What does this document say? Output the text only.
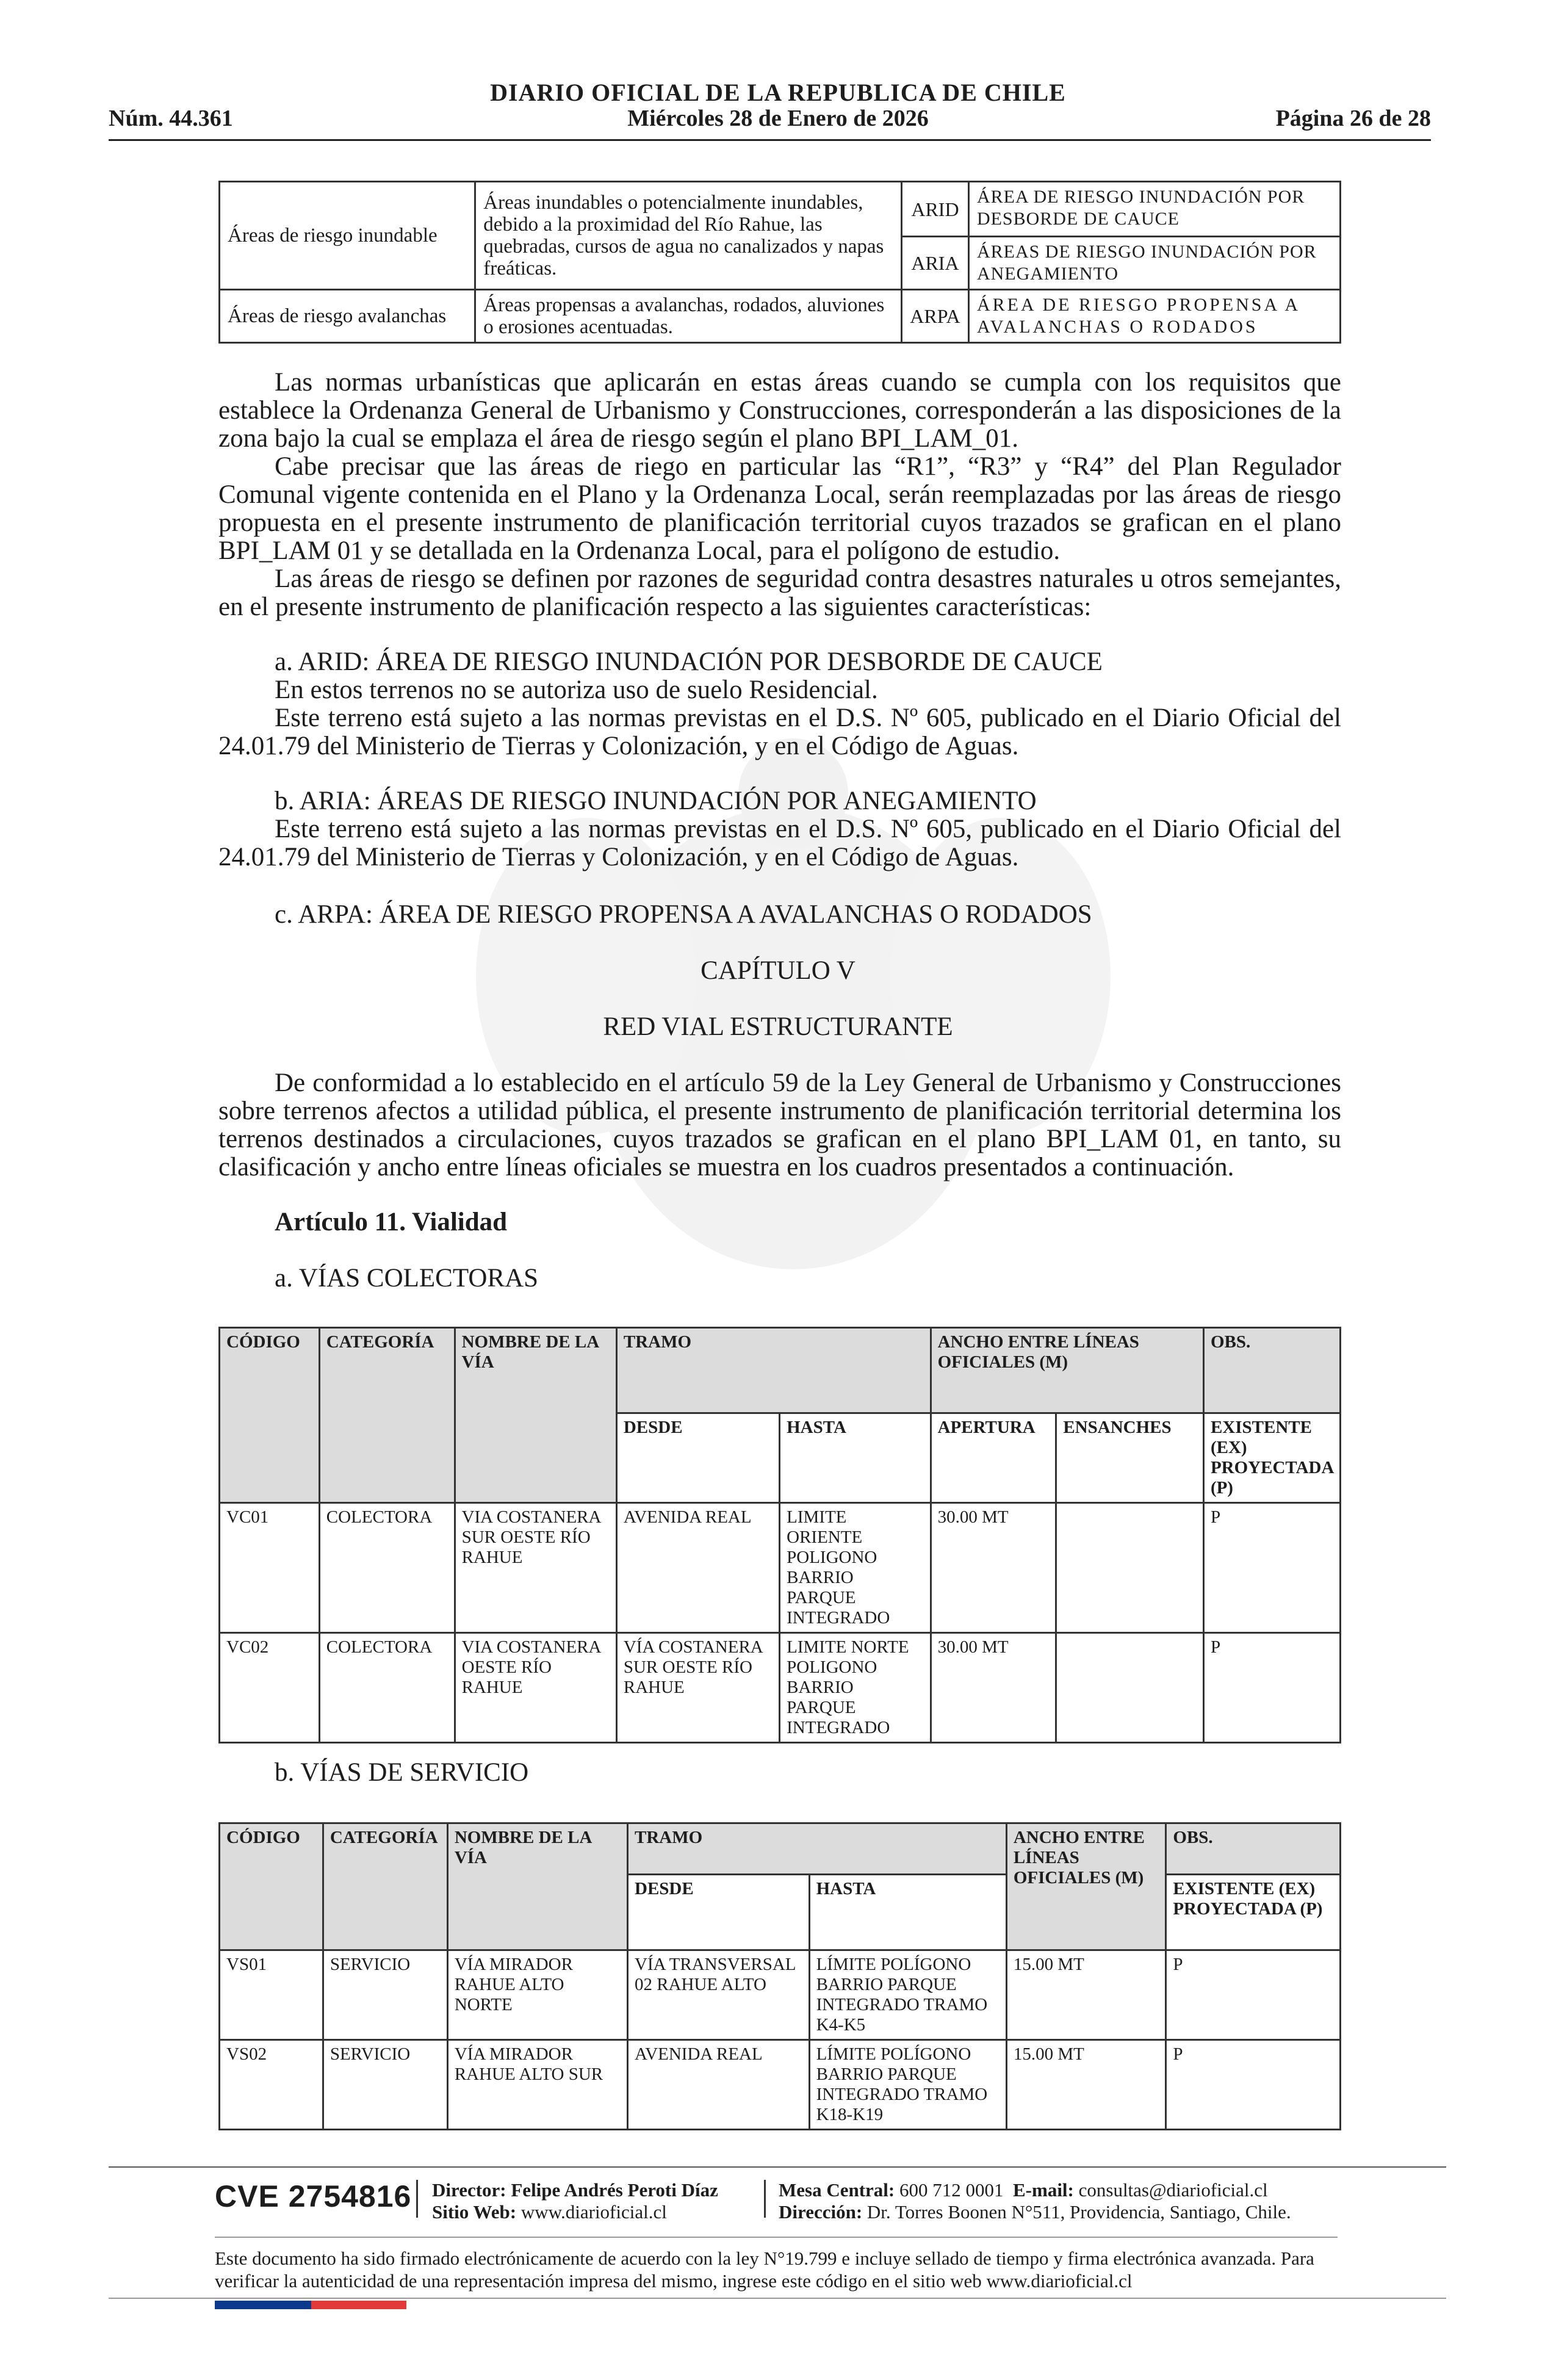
DIARIO OFICIAL DE LA REPUBLICA DE CHILE
Núm. 44.361	Miércoles 28 de Enero de 2026	Página 26 de 28
Áreas de riesgo inundable	Áreas inundables o potencialmente inundables, debido a la proximidad del Río Rahue, las quebradas, cursos de agua no canalizados y napas freáticas.	ARID	ÁREA DE RIESGO INUNDACIÓN POR DESBORDE DE CAUCE
		ARIA	ÁREAS DE RIESGO INUNDACIÓN POR ANEGAMIENTO
Áreas de riesgo avalanchas	Áreas propensas a avalanchas, rodados, aluviones o erosiones acentuadas.	ARPA	ÁREA DE RIESGO PROPENSA A AVALANCHAS O RODADOS
Las normas urbanísticas que aplicarán en estas áreas cuando se cumpla con los requisitos que establece la Ordenanza General de Urbanismo y Construcciones, corresponderán a las disposiciones de la zona bajo la cual se emplaza el área de riesgo según el plano BPI_LAM_01.
Cabe precisar que las áreas de riego en particular las “R1”, “R3” y “R4” del Plan Regulador Comunal vigente contenida en el Plano y la Ordenanza Local, serán reemplazadas por las áreas de riesgo propuesta en el presente instrumento de planificación territorial cuyos trazados se grafican en el plano BPI_LAM 01 y se detallada en la Ordenanza Local, para el polígono de estudio.
Las áreas de riesgo se definen por razones de seguridad contra desastres naturales u otros semejantes, en el presente instrumento de planificación respecto a las siguientes características:
a. ARID: ÁREA DE RIESGO INUNDACIÓN POR DESBORDE DE CAUCE
En estos terrenos no se autoriza uso de suelo Residencial.
Este terreno está sujeto a las normas previstas en el D.S. Nº 605, publicado en el Diario Oficial del 24.01.79 del Ministerio de Tierras y Colonización, y en el Código de Aguas.
b. ARIA: ÁREAS DE RIESGO INUNDACIÓN POR ANEGAMIENTO
Este terreno está sujeto a las normas previstas en el D.S. Nº 605, publicado en el Diario Oficial del 24.01.79 del Ministerio de Tierras y Colonización, y en el Código de Aguas.
c. ARPA: ÁREA DE RIESGO PROPENSA A AVALANCHAS O RODADOS
CAPÍTULO V
RED VIAL ESTRUCTURANTE
De conformidad a lo establecido en el artículo 59 de la Ley General de Urbanismo y Construcciones sobre terrenos afectos a utilidad pública, el presente instrumento de planificación territorial determina los terrenos destinados a circulaciones, cuyos trazados se grafican en el plano BPI_LAM 01, en tanto, su clasificación y ancho entre líneas oficiales se muestra en los cuadros presentados a continuación.
Artículo 11. Vialidad
a. VÍAS COLECTORAS
CÓDIGO	CATEGORÍA	NOMBRE DE LA VÍA	TRAMO		ANCHO ENTRE LÍNEAS OFICIALES (M)		OBS.
			DESDE	HASTA	APERTURA	ENSANCHES	EXISTENTE (EX) PROYECTADA (P)
VC01	COLECTORA	VIA COSTANERA SUR OESTE RÍO RAHUE	AVENIDA REAL	LIMITE ORIENTE POLIGONO BARRIO PARQUE INTEGRADO	30.00 MT		P
VC02	COLECTORA	VIA COSTANERA OESTE RÍO RAHUE	VÍA COSTANERA SUR OESTE RÍO RAHUE	LIMITE NORTE POLIGONO BARRIO PARQUE INTEGRADO	30.00 MT		P
b. VÍAS DE SERVICIO
CÓDIGO	CATEGORÍA	NOMBRE DE LA VÍA	TRAMO		ANCHO ENTRE LÍNEAS OFICIALES (M)	OBS.
			DESDE	HASTA		EXISTENTE (EX) PROYECTADA (P)
VS01	SERVICIO	VÍA MIRADOR RAHUE ALTO NORTE	VÍA TRANSVERSAL 02 RAHUE ALTO	LÍMITE POLÍGONO BARRIO PARQUE INTEGRADO TRAMO K4-K5	15.00 MT	P
VS02	SERVICIO	VÍA MIRADOR RAHUE ALTO SUR	AVENIDA REAL	LÍMITE POLÍGONO BARRIO PARQUE INTEGRADO TRAMO K18-K19	15.00 MT	P
CVE 2754816 Director: Felipe Andrés Peroti Díaz
Sitio Web: www.diarioficial.cl
Mesa Central: 600 712 0001 E-mail: consultas@diarioficial.cl
Dirección: Dr. Torres Boonen N°511, Providencia, Santiago, Chile.
Este documento ha sido firmado electrónicamente de acuerdo con la ley N°19.799 e incluye sellado de tiempo y firma electrónica avanzada. Para verificar la autenticidad de una representación impresa del mismo, ingrese este código en el sitio web www.diarioficial.cl
